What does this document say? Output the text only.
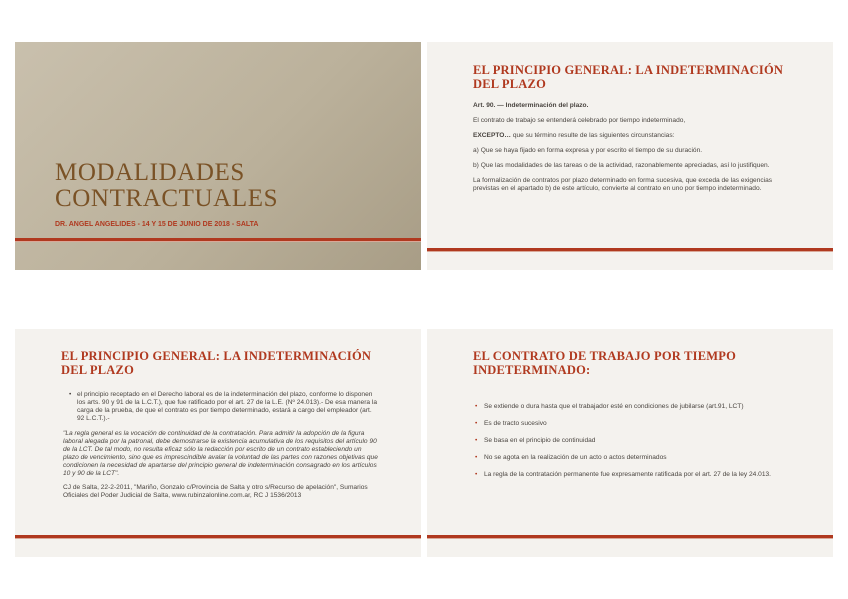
MODALIDADES
CONTRACTUALES
DR. ANGEL ANGELIDES - 14 Y 15 DE JUNIO DE 2018 - SALTA
EL PRINCIPIO GENERAL: LA INDETERMINACIÓN DEL PLAZO

Art. 90. — Indeterminación del plazo.

El contrato de trabajo se entenderá celebrado por tiempo indeterminado,

EXCEPTO… que su término resulte de las siguientes circunstancias:

a) Que se haya fijado en forma expresa y por escrito el tiempo de su duración.

b) Que las modalidades de las tareas o de la actividad, razonablemente apreciadas, así lo justifiquen.

La formalización de contratos por plazo determinado en forma sucesiva, que exceda de las exigencias previstas en el apartado b) de este artículo, convierte al contrato en uno por tiempo indeterminado.

EL PRINCIPIO GENERAL: LA INDETERMINACIÓN DEL PLAZO
• el principio receptado en el Derecho laboral es de la indeterminación del plazo, conforme lo disponen los arts. 90 y 91 de la L.C.T.), que fue ratificado por el art. 27 de la L.E. (Nº 24.013).- De esa manera la carga de la prueba, de que el contrato es por tiempo determinado, estará a cargo del empleador (art. 92 L.C.T.).-

"La regla general es la vocación de continuidad de la contratación. Para admitir la adopción de la figura laboral alegada por la patronal, debe demostrarse la existencia acumulativa de los requisitos del artículo 90 de la LCT. De tal modo, no resulta eficaz sólo la redacción por escrito de un contrato estableciendo un plazo de vencimiento, sino que es imprescindible avalar la voluntad de las partes con razones objetivas que condicionen la necesidad de apartarse del principio general de indeterminación consagrado en los artículos 10 y 90 de la LCT".

CJ de Salta, 22-2-2011, "Mariño, Gonzalo c/Provincia de Salta y otro s/Recurso de apelación", Sumarios Oficiales del Poder Judicial de Salta, www.rubinzalonline.com.ar, RC J 1536/2013

EL CONTRATO DE TRABAJO POR TIEMPO INDETERMINADO:
• Se extiende o dura hasta que el trabajador esté en condiciones de jubilarse (art.91, LCT)
• Es de tracto sucesivo
• Se basa en el principio de continuidad
• No se agota en la realización de un acto o actos determinados
• La regla de la contratación permanente fue expresamente ratificada por el art. 27 de la ley 24.013.
